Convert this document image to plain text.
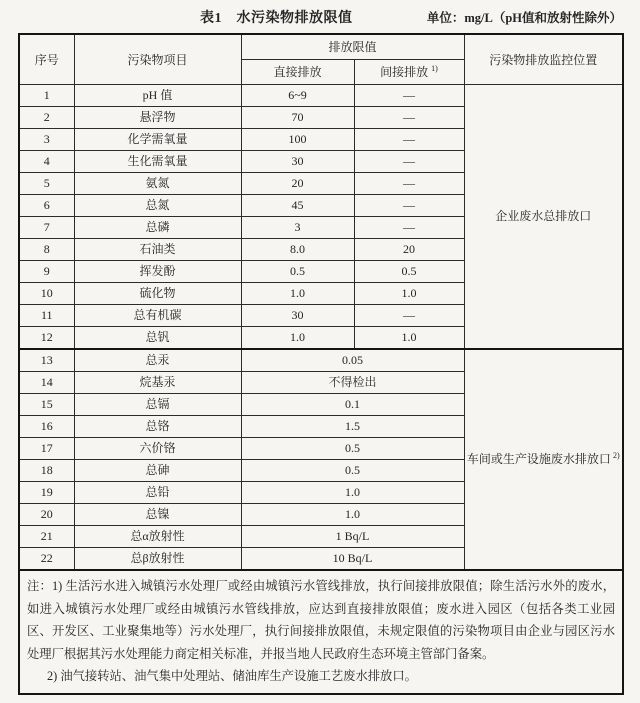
表1　水污染物排放限值	单位：mg/L（pH值和放射性除外）
序号	污染物项目	排放限值		污染物排放监控位置
		直接排放	间接排放 $^{1)}$
1	pH 值	6~9	—	企业废水总排放口
2	悬浮物	70	—	
3	化学需氧量	100	—	
4	生化需氧量	30	—	
5	氨氮	20	—	
6	总氮	45	—	
7	总磷	3	—	
8	石油类	8.0	20	
9	挥发酚	0.5	0.5	
10	硫化物	1.0	1.0	
11	总有机碳	30	—	
12	总钒	1.0	1.0	
13	总汞	0.05		车间或生产设施废水排放口 $^{2)}$
14	烷基汞	不得检出		
15	总镉	0.1		
16	总铬	1.5		
17	六价铬	0.5		
18	总砷	0.5		
19	总铅	1.0		
20	总镍	1.0		
21	总α放射性	1 Bq/L		
22	总β放射性	10 Bq/L		

注：1) 生活污水进入城镇污水处理厂或经由城镇污水管线排放，执行间接排放限值；除生活污水外的废水，如进入城镇污水处理厂或经由城镇污水管线排放，应达到直接排放限值；废水进入园区（包括各类工业园区、开发区、工业聚集地等）污水处理厂，执行间接排放限值，未规定限值的污染物项目由企业与园区污水处理厂根据其污水处理能力商定相关标准，并报当地人民政府生态环境主管部门备案。

2) 油气接转站、油气集中处理站、储油库生产设施工艺废水排放口。				
